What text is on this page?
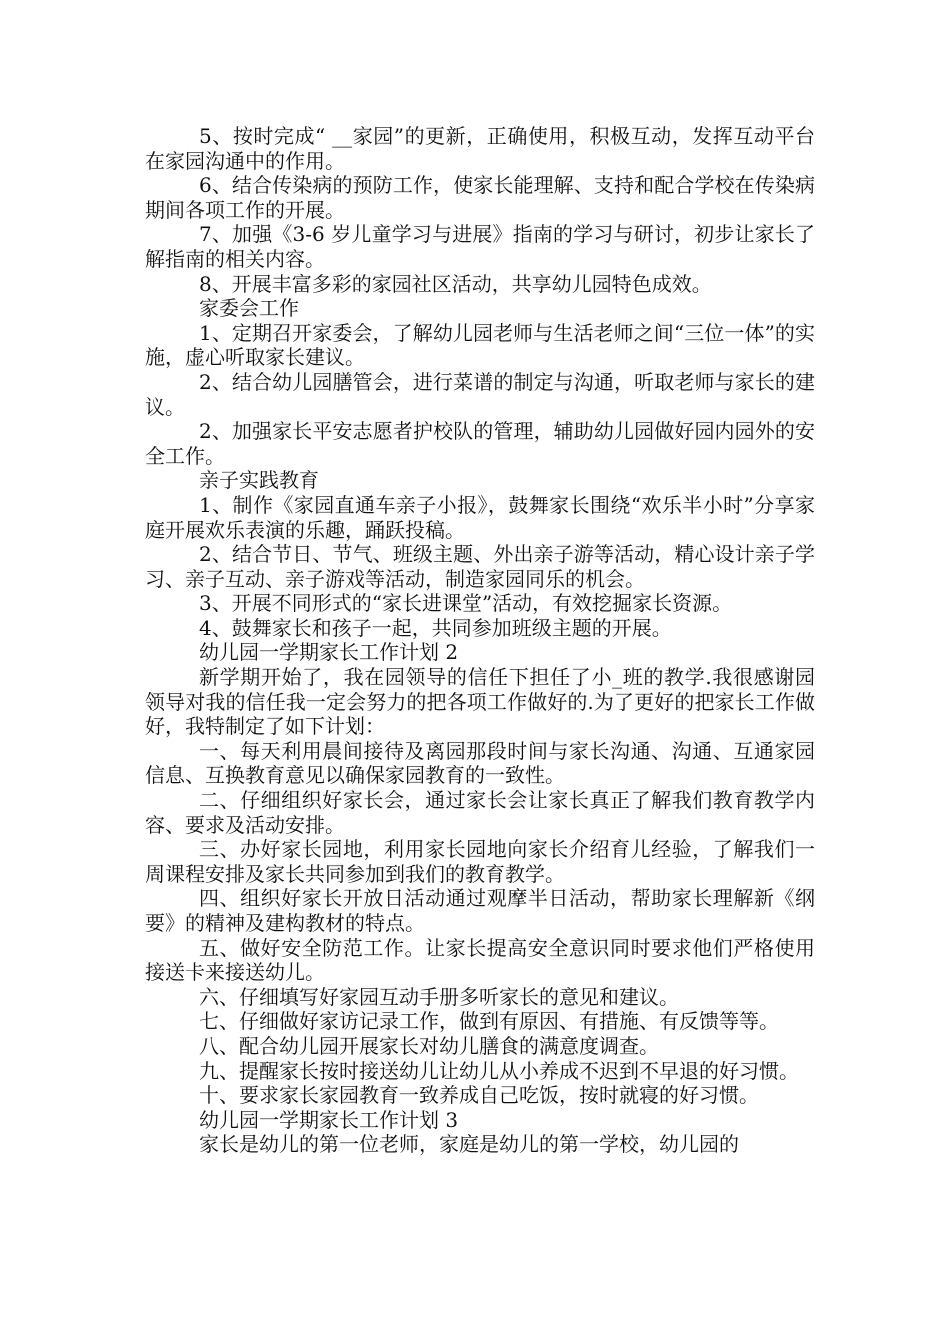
5、按时完成“ __家园”的更新，正确使用，积极互动，发挥互动平台在家园沟通中的作用。

6、结合传染病的预防工作，使家长能理解、支持和配合学校在传染病期间各项工作的开展。

7、加强《3-6 岁儿童学习与进展》指南的学习与研讨，初步让家长了解指南的相关内容。

8、开展丰富多彩的家园社区活动，共享幼儿园特色成效。

家委会工作

1、定期召开家委会，了解幼儿园老师与生活老师之间“三位一体”的实施，虚心听取家长建议。

2、结合幼儿园膳管会，进行菜谱的制定与沟通，听取老师与家长的建议。

2、加强家长平安志愿者护校队的管理，辅助幼儿园做好园内园外的安全工作。

亲子实践教育

1、制作《家园直通车亲子小报》，鼓舞家长围绕“欢乐半小时”分享家庭开展欢乐表演的乐趣，踊跃投稿。

2、结合节日、节气、班级主题、外出亲子游等活动，精心设计亲子学习、亲子互动、亲子游戏等活动，制造家园同乐的机会。

3、开展不同形式的“家长进课堂”活动，有效挖掘家长资源。

4、鼓舞家长和孩子一起，共同参加班级主题的开展。

幼儿园一学期家长工作计划 2

新学期开始了，我在园领导的信任下担任了小_班的教学.我很感谢园领导对我的信任我一定会努力的把各项工作做好的.为了更好的把家长工作做好，我特制定了如下计划：

一、每天利用晨间接待及离园那段时间与家长沟通、沟通、互通家园信息、互换教育意见以确保家园教育的一致性。

二、仔细组织好家长会，通过家长会让家长真正了解我们教育教学内容、要求及活动安排。

三、办好家长园地，利用家长园地向家长介绍育儿经验，了解我们一周课程安排及家长共同参加到我们的教育教学。

四、组织好家长开放日活动通过观摩半日活动，帮助家长理解新《纲要》的精神及建构教材的特点。

五、做好安全防范工作。让家长提高安全意识同时要求他们严格使用接送卡来接送幼儿。

六、仔细填写好家园互动手册多听家长的意见和建议。

七、仔细做好家访记录工作，做到有原因、有措施、有反馈等等。

八、配合幼儿园开展家长对幼儿膳食的满意度调查。

九、提醒家长按时接送幼儿让幼儿从小养成不迟到不早退的好习惯。

十、要求家长家园教育一致养成自己吃饭，按时就寝的好习惯。

幼儿园一学期家长工作计划 3

家长是幼儿的第一位老师，家庭是幼儿的第一学校，幼儿园的
